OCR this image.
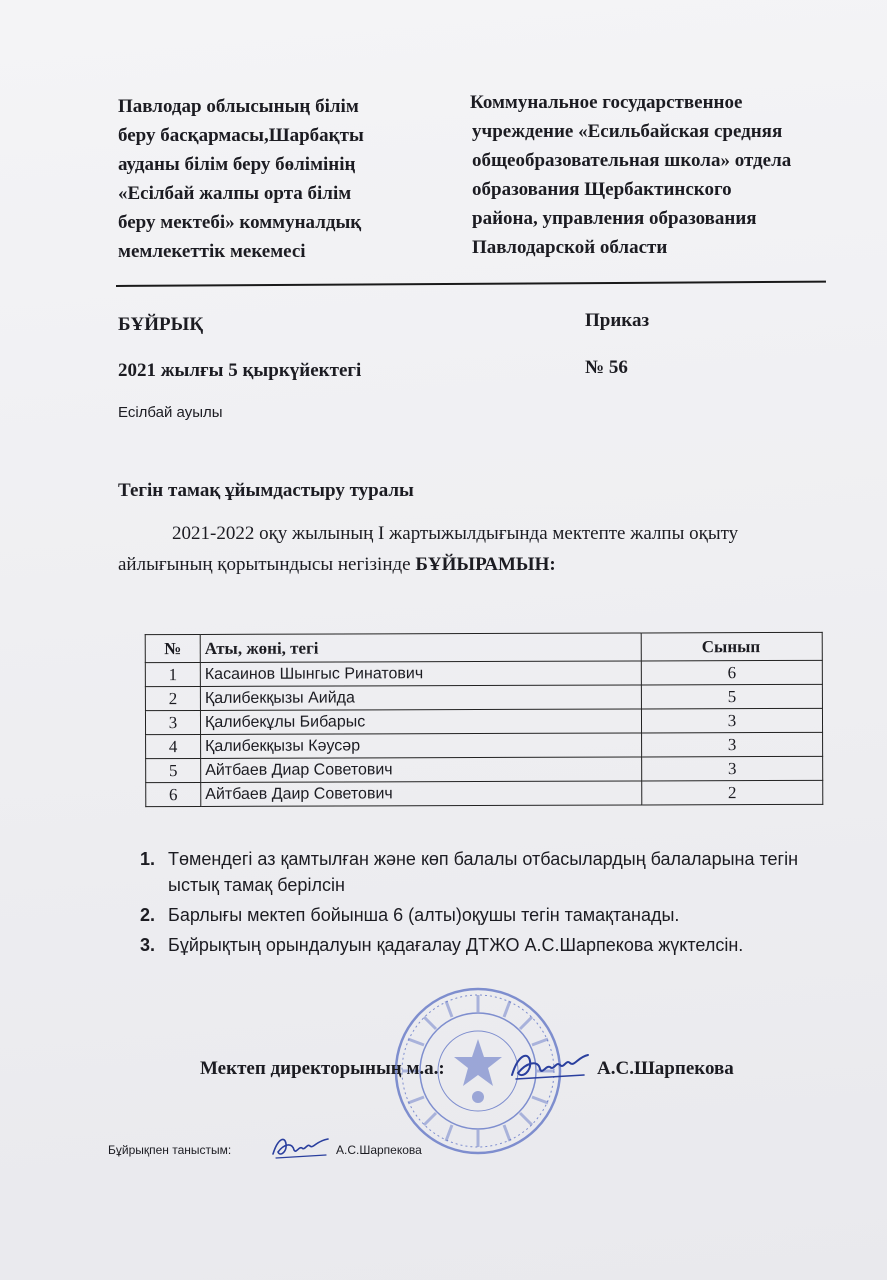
Павлодар облысының білім
беру басқармасы,Шарбақты
ауданы білім беру бөлімінің
«Есілбай жалпы орта білім
беру мектебі» коммуналдық
мемлекеттік мекемесі
Коммунальное государственное
учреждение «Есильбайская средняя
общеобразовательная школа» отдела
образования Щербактинского
района, управления образования
Павлодарской области
БҰЙРЫҚ	Приказ
2021 жылғы 5 қыркүйектегі	№ 56
Есілбай ауылы
Тегін тамақ ұйымдастыру туралы
2021-2022 оқу жылының I жартыжылдығында мектепте жалпы оқыту
айлығының қорытындысы негізінде БҰЙЫРАМЫН:
№	Аты, жөні, тегі	Сынып
1	Касаинов Шынгыс Ринатович	6
2	Қалибекқызы Аийда	5
3	Қалибекұлы Бибарыс	3
4	Қалибекқызы Кәусәр	3
5	Айтбаев Диар Советович	3
6	Айтбаев Даир Советович	2
1. Төмендегі аз қамтылған және көп балалы отбасылардың балаларына тегін ыстық тамақ берілсін
2. Барлығы мектеп бойынша 6 (алты)оқушы тегін тамақтанады.
3. Бұйрықтың орындалуын қадағалау ДТЖО А.С.Шарпекова жүктелсін.
Мектеп директорының м.а.:	А.С.Шарпекова
Бұйрықпен таныстым:	А.С.Шарпекова
